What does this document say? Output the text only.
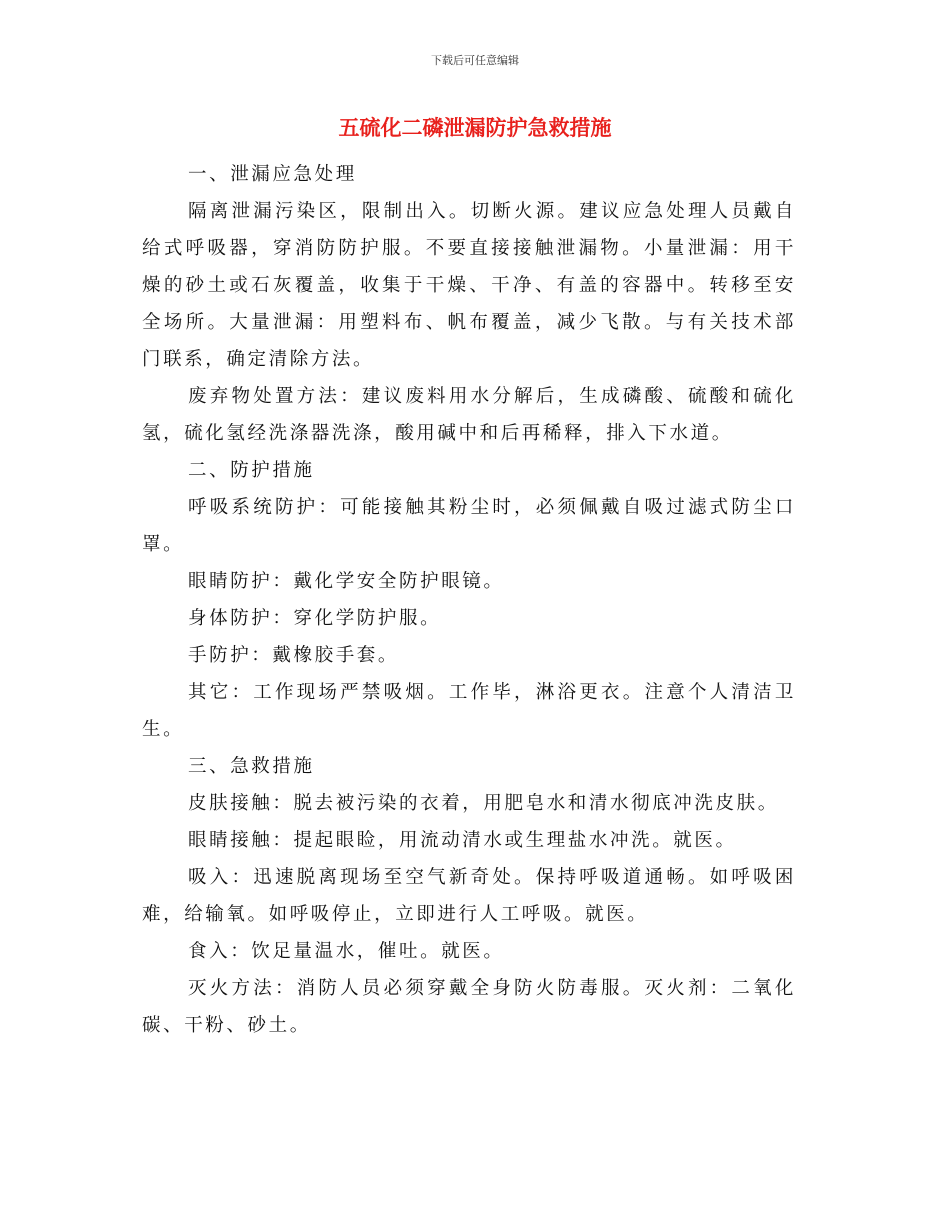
下载后可任意编辑
五硫化二磷泄漏防护急救措施

一、泄漏应急处理

隔离泄漏污染区，限制出入。切断火源。建议应急处理人员戴自给式呼吸器，穿消防防护服。不要直接接触泄漏物。小量泄漏：用干燥的砂土或石灰覆盖，收集于干燥、干净、有盖的容器中。转移至安全场所。大量泄漏：用塑料布、帆布覆盖，减少飞散。与有关技术部门联系，确定清除方法。

废弃物处置方法：建议废料用水分解后，生成磷酸、硫酸和硫化氢，硫化氢经洗涤器洗涤，酸用碱中和后再稀释，排入下水道。

二、防护措施

呼吸系统防护：可能接触其粉尘时，必须佩戴自吸过滤式防尘口罩。

眼睛防护：戴化学安全防护眼镜。

身体防护：穿化学防护服。

手防护：戴橡胶手套。

其它：工作现场严禁吸烟。工作毕，淋浴更衣。注意个人清洁卫生。

三、急救措施

皮肤接触：脱去被污染的衣着，用肥皂水和清水彻底冲洗皮肤。

眼睛接触：提起眼睑，用流动清水或生理盐水冲洗。就医。

吸入：迅速脱离现场至空气新奇处。保持呼吸道通畅。如呼吸困难，给输氧。如呼吸停止，立即进行人工呼吸。就医。

食入：饮足量温水，催吐。就医。

灭火方法：消防人员必须穿戴全身防火防毒服。灭火剂：二氧化碳、干粉、砂土。
